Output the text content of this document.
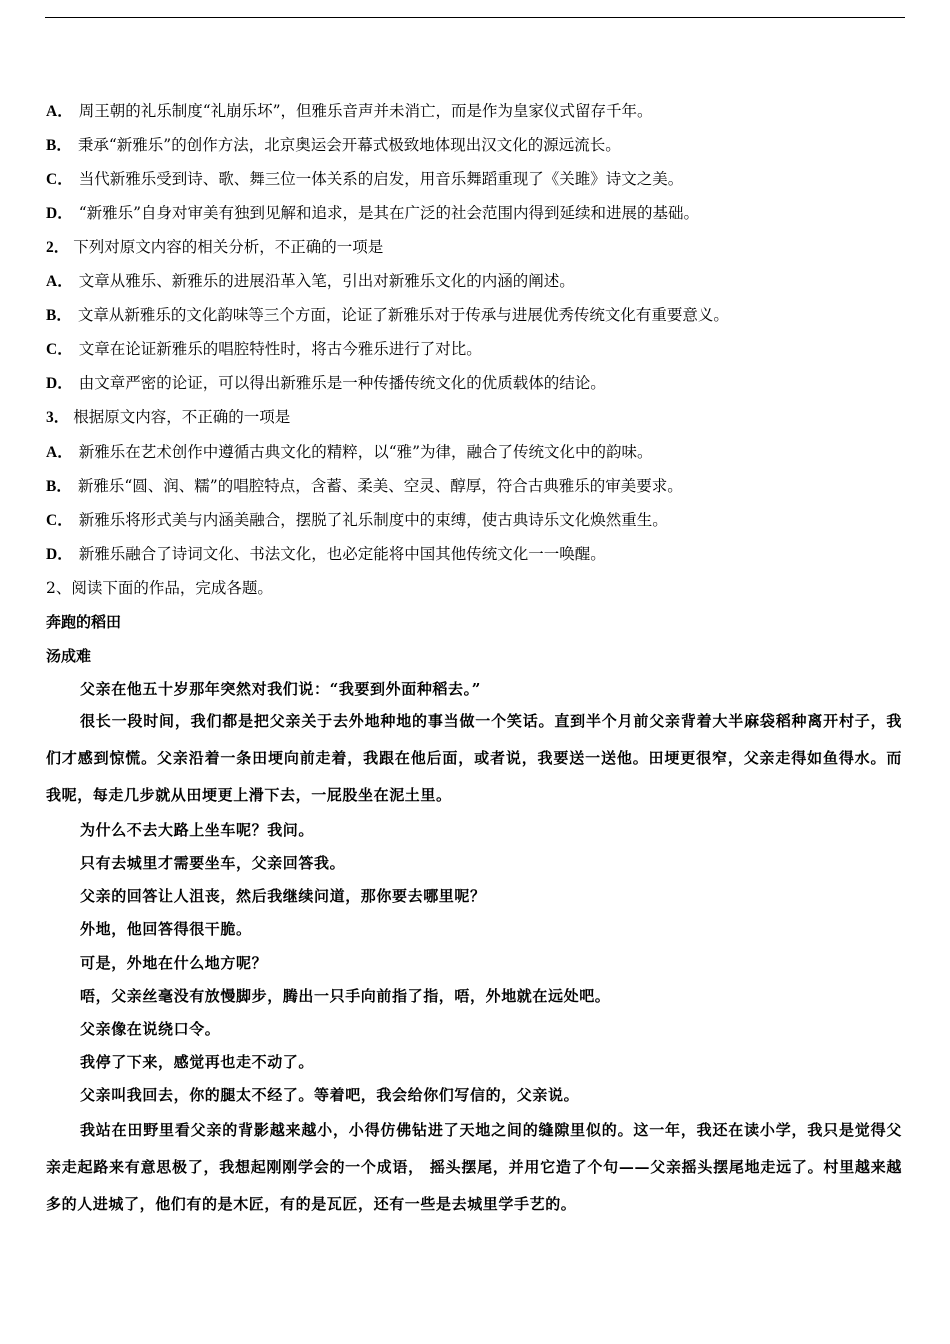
A． 周王朝的礼乐制度“礼崩乐坏”，但雅乐音声并未消亡，而是作为皇家仪式留存千年。
B． 秉承“新雅乐”的创作方法，北京奥运会开幕式极致地体现出汉文化的源远流长。
C． 当代新雅乐受到诗、歌、舞三位一体关系的启发，用音乐舞蹈重现了《关雎》诗文之美。
D． “新雅乐”自身对审美有独到见解和追求，是其在广泛的社会范围内得到延续和进展的基础。
2． 下列对原文内容的相关分析，不正确的一项是
A． 文章从雅乐、新雅乐的进展沿革入笔，引出对新雅乐文化的内涵的阐述。
B． 文章从新雅乐的文化韵味等三个方面，论证了新雅乐对于传承与进展优秀传统文化有重要意义。
C． 文章在论证新雅乐的唱腔特性时，将古今雅乐进行了对比。
D． 由文章严密的论证，可以得出新雅乐是一种传播传统文化的优质载体的结论。
3． 根据原文内容，不正确的一项是
A． 新雅乐在艺术创作中遵循古典文化的精粹，以“雅”为律，融合了传统文化中的韵味。
B． 新雅乐“圆、润、糯”的唱腔特点，含蓄、柔美、空灵、醇厚，符合古典雅乐的审美要求。
C． 新雅乐将形式美与内涵美融合，摆脱了礼乐制度中的束缚，使古典诗乐文化焕然重生。
D． 新雅乐融合了诗词文化、书法文化，也必定能将中国其他传统文化一一唤醒。
2、阅读下面的作品，完成各题。
奔跑的稻田
汤成难
父亲在他五十岁那年突然对我们说：“我要到外面种稻去。”
很长一段时间，我们都是把父亲关于去外地种地的事当做一个笑话。直到半个月前父亲背着大半麻袋稻种离开村子，我们才感到惊慌。父亲沿着一条田埂向前走着，我跟在他后面，或者说，我要送一送他。田埂更很窄，父亲走得如鱼得水。而我呢，每走几步就从田埂更上滑下去，一屁股坐在泥土里。
为什么不去大路上坐车呢？我问。
只有去城里才需要坐车，父亲回答我。
父亲的回答让人沮丧，然后我继续问道，那你要去哪里呢？
外地，他回答得很干脆。
可是，外地在什么地方呢？
唔，父亲丝毫没有放慢脚步，腾出一只手向前指了指，唔，外地就在远处吧。
父亲像在说绕口令。
我停了下来，感觉再也走不动了。
父亲叫我回去，你的腿太不经了。等着吧，我会给你们写信的，父亲说。
我站在田野里看父亲的背影越来越小，小得仿佛钻进了天地之间的缝隙里似的。这一年，我还在读小学，我只是觉得父亲走起路来有意思极了，我想起刚刚学会的一个成语， 摇头摆尾，并用它造了个句——父亲摇头摆尾地走远了。村里越来越多的人进城了，他们有的是木匠，有的是瓦匠，还有一些是去城里学手艺的。
